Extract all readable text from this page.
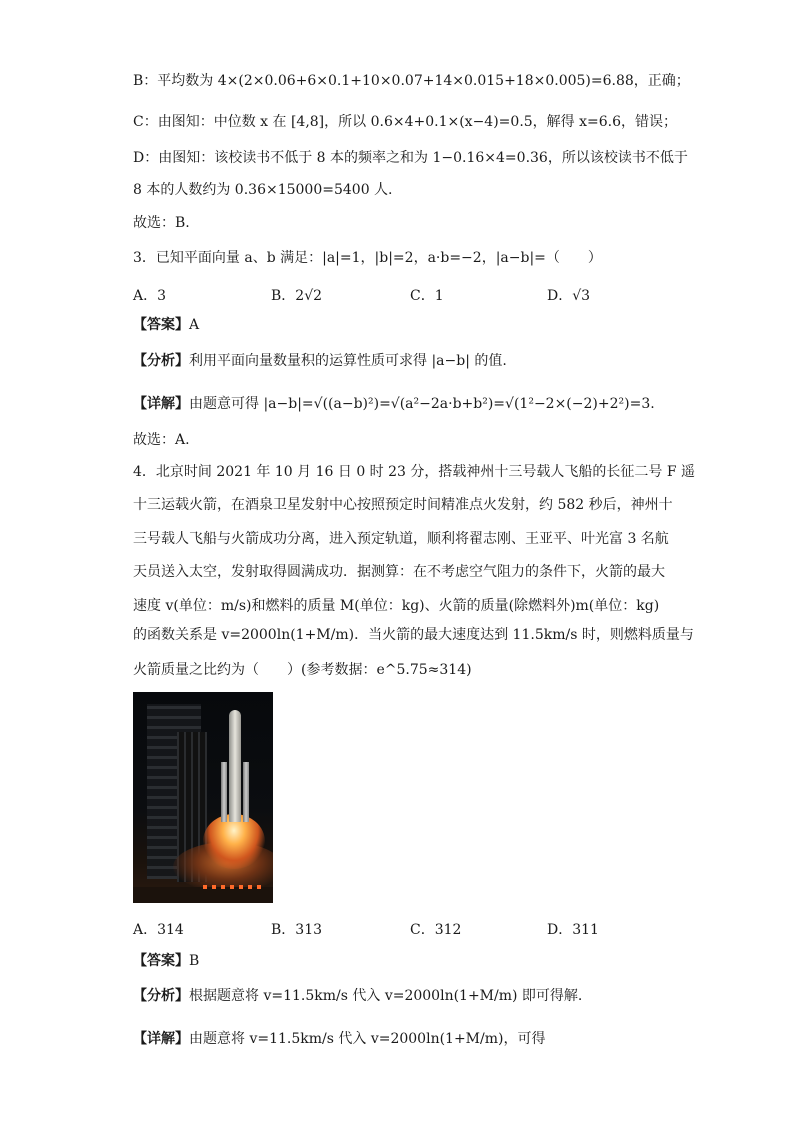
B：平均数为 4×(2×0.06+6×0.1+10×0.07+14×0.015+18×0.005)=6.88，正确；
C：由图知：中位数 x 在 [4,8]，所以 0.6×4+0.1×(x−4)=0.5，解得 x=6.6，错误；
D：由图知：该校读书不低于 8 本的频率之和为 1−0.16×4=0.36，所以该校读书不低于
8 本的人数约为 0.36×15000=5400 人.
故选：B.
3．已知平面向量 a、b 满足：|a|=1，|b|=2，a·b=−2，|a−b|=（　　）
A．3	B．2√2	C．1	D．√3
【答案】A
【分析】利用平面向量数量积的运算性质可求得 |a−b| 的值.
【详解】由题意可得 |a−b|=√((a−b)²)=√(a²−2a·b+b²)=√(1²−2×(−2)+2²)=3.
故选：A.
4．北京时间 2021 年 10 月 16 日 0 时 23 分，搭载神州十三号载人飞船的长征二号 F 遥
十三运载火箭，在酒泉卫星发射中心按照预定时间精准点火发射，约 582 秒后，神州十
三号载人飞船与火箭成功分离，进入预定轨道，顺利将翟志刚、王亚平、叶光富 3 名航
天员送入太空，发射取得圆满成功．据测算：在不考虑空气阻力的条件下，火箭的最大
速度 v(单位：m/s)和燃料的质量 M(单位：kg)、火箭的质量(除燃料外)m(单位：kg)
的函数关系是 v=2000ln(1+M/m)．当火箭的最大速度达到 11.5km/s 时，则燃料质量与
火箭质量之比约为（　　）(参考数据：e^5.75≈314)
A．314	B．313	C．312	D．311
【答案】B
【分析】根据题意将 v=11.5km/s 代入 v=2000ln(1+M/m) 即可得解.
【详解】由题意将 v=11.5km/s 代入 v=2000ln(1+M/m)，可得
